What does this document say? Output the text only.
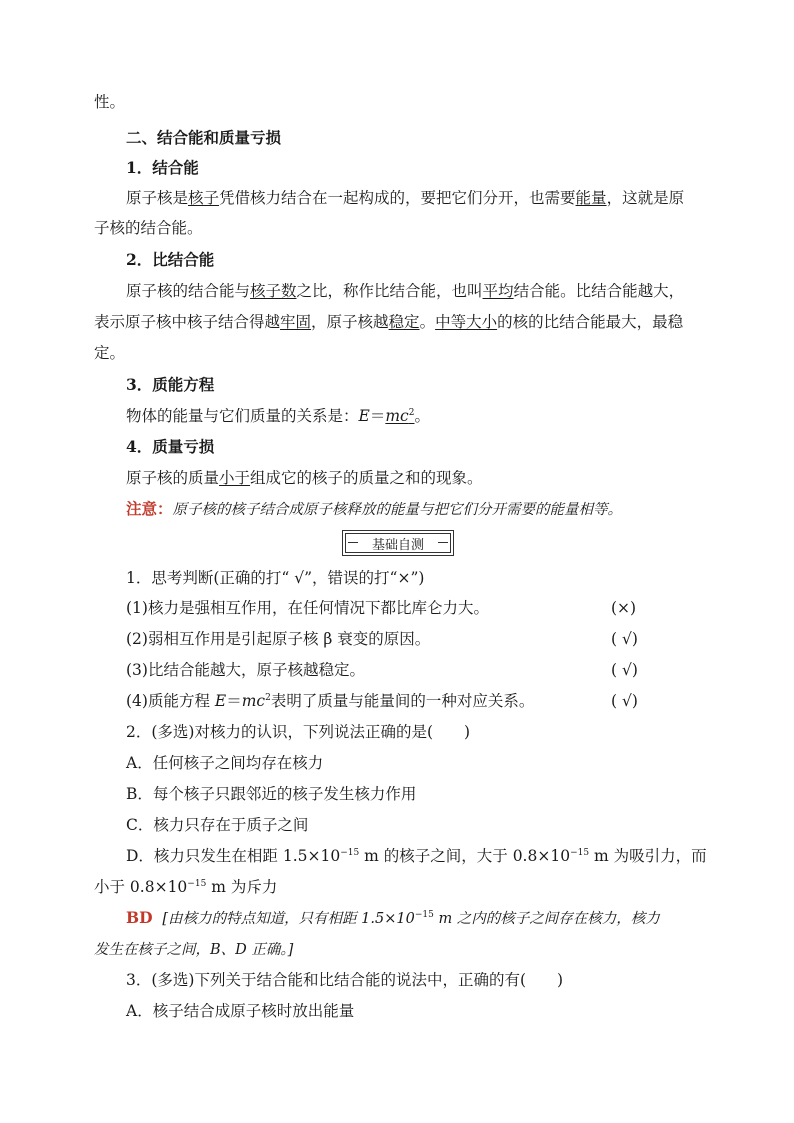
性。
二、结合能和质量亏损
1．结合能
原子核是核子凭借核力结合在一起构成的，要把它们分开，也需要能量，这就是原
子核的结合能。
2．比结合能
原子核的结合能与核子数之比，称作比结合能，也叫平均结合能。比结合能越大，
表示原子核中核子结合得越牢固，原子核越稳定。中等大小的核的比结合能最大，最稳
定。
3．质能方程
物体的能量与它们质量的关系是：$E=mc^2$。
4．质量亏损
原子核的质量小于组成它的核子的质量之和的现象。
注意：原子核的核子结合成原子核释放的能量与把它们分开需要的能量相等。
基础自测
1．思考判断(正确的打“ √”，错误的打“×”)
(1)核力是强相互作用，在任何情况下都比库仑力大。	(×)
(2)弱相互作用是引起原子核 β 衰变的原因。	( √)
(3)比结合能越大，原子核越稳定。	( √)
(4)质能方程 $E=mc^2$表明了质量与能量间的一种对应关系。	( √)
2．(多选)对核力的认识，下列说法正确的是(　　)
A．任何核子之间均存在核力
B．每个核子只跟邻近的核子发生核力作用
C．核力只存在于质子之间
D．核力只发生在相距 $1.5\times 10^{-15}$ m 的核子之间，大于 $0.8\times 10^{-15}$ m 为吸引力，而
小于 $0.8\times 10^{-15}$ m 为斥力
BD [由核力的特点知道，只有相距 $1.5\times 10^{-15}$ m 之内的核子之间存在核力，核力
发生在核子之间，B、D 正确。]
3．(多选)下列关于结合能和比结合能的说法中，正确的有(　　)
A．核子结合成原子核时放出能量
